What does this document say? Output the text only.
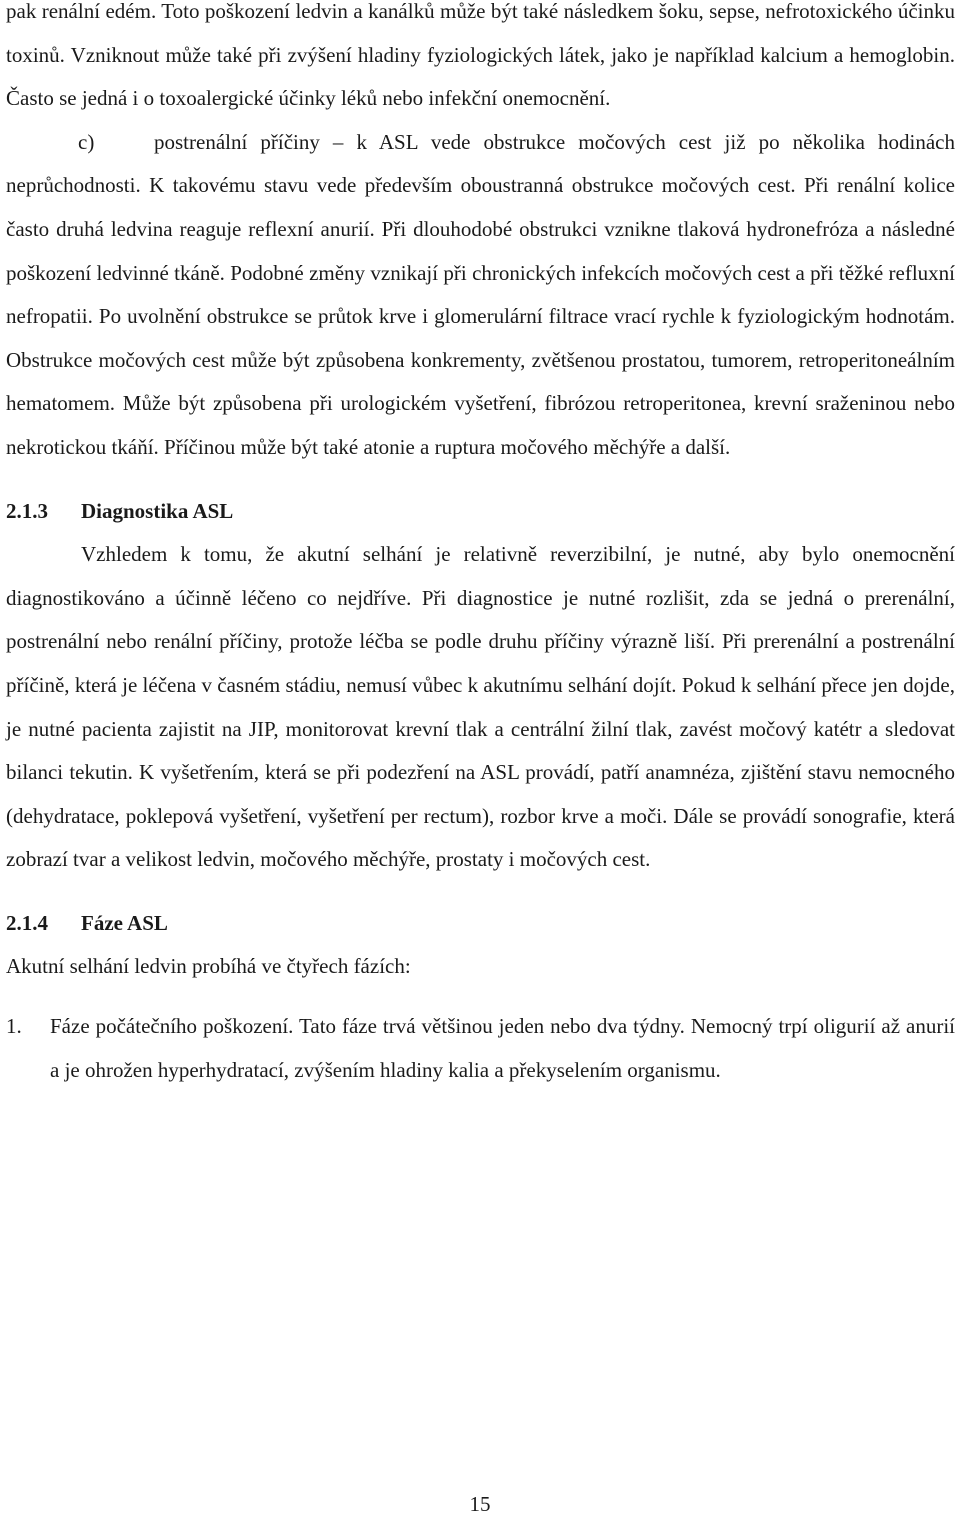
pak renální edém. Toto poškození ledvin a kanálků může být také následkem šoku, sepse, nefrotoxického účinku toxinů. Vzniknout může také při zvýšení hladiny fyziologických látek, jako je například kalcium a hemoglobin. Často se jedná i o toxoalergické účinky léků nebo infekční onemocnění.

c)	postrenální příčiny – k ASL vede obstrukce močových cest již po několika hodinách neprůchodnosti. K takovému stavu vede především oboustranná obstrukce močových cest. Při renální kolice často druhá ledvina reaguje reflexní anurií. Při dlouhodobé obstrukci vznikne tlaková hydronefróza a následné poškození ledvinné tkáně. Podobné změny vznikají při chronických infekcích močových cest a při těžké refluxní nefropatii. Po uvolnění obstrukce se průtok krve i glomerulární filtrace vrací rychle k fyziologickým hodnotám. Obstrukce močových cest může být způsobena konkrementy, zvětšenou prostatou, tumorem, retroperitoneálním hematomem. Může být způsobena při urologickém vyšetření, fibrózou retroperitonea, krevní sraženinou nebo nekrotickou tkáňí. Příčinou může být také atonie a ruptura močového měchýře a další.

2.1.3 Diagnostika ASL

Vzhledem k tomu, že akutní selhání je relativně reverzibilní, je nutné, aby bylo onemocnění diagnostikováno a účinně léčeno co nejdříve. Při diagnostice je nutné rozlišit, zda se jedná o prerenální, postrenální nebo renální příčiny, protože léčba se podle druhu příčiny výrazně liší. Při prerenální a postrenální příčině, která je léčena v časném stádiu, nemusí vůbec k akutnímu selhání dojít. Pokud k selhání přece jen dojde, je nutné pacienta zajistit na JIP, monitorovat krevní tlak a centrální žilní tlak, zavést močový katétr a sledovat bilanci tekutin. K vyšetřením, která se při podezření na ASL provádí, patří anamnéza, zjištění stavu nemocného (dehydratace, poklepová vyšetření, vyšetření per rectum), rozbor krve a moči. Dále se provádí sonografie, která zobrazí tvar a velikost ledvin, močového měchýře, prostaty i močových cest.

2.1.4 Fáze ASL

Akutní selhání ledvin probíhá ve čtyřech fázích:

1.	Fáze počátečního poškození. Tato fáze trvá většinou jeden nebo dva týdny. Nemocný trpí oligurií až anurií a je ohrožen hyperhydratací, zvýšením hladiny kalia a překyselením organismu.
15
